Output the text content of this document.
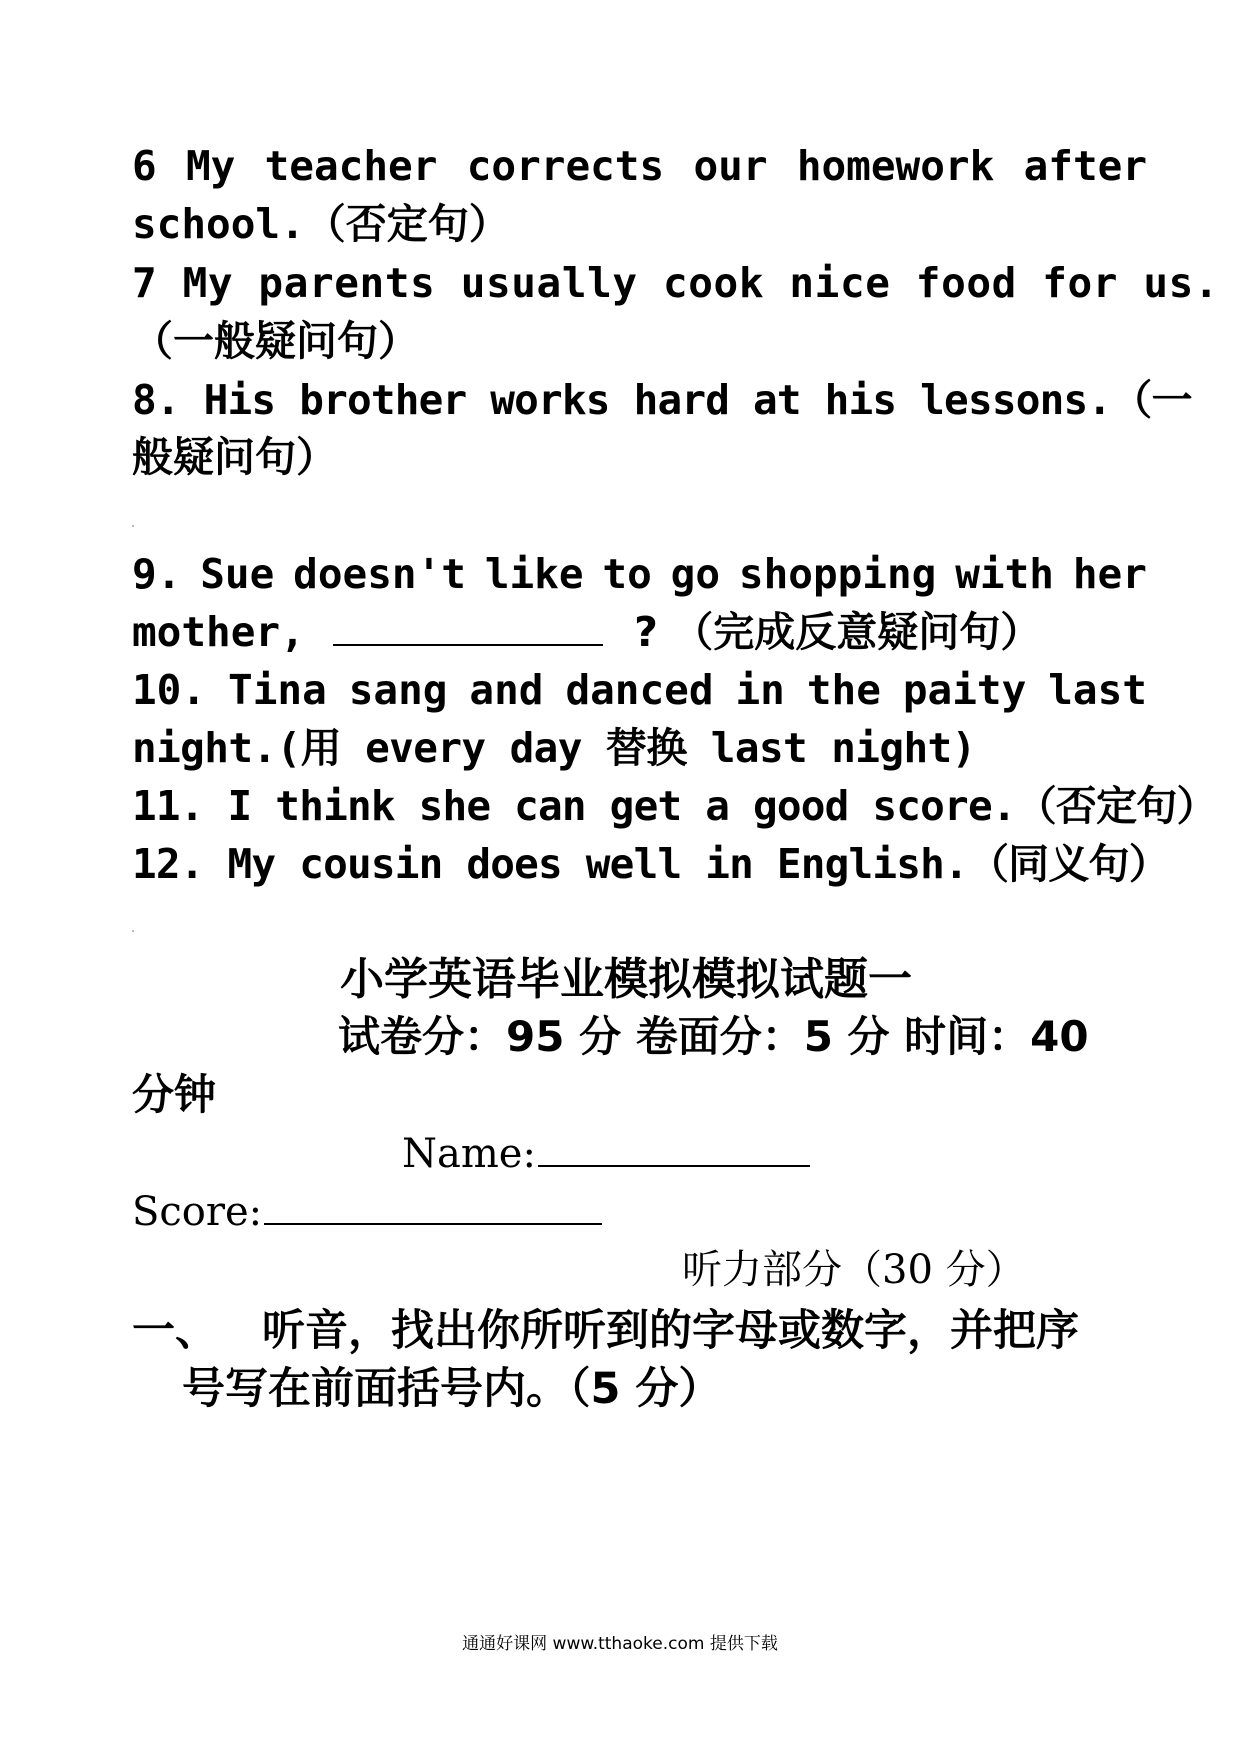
6 My teacher corrects our homework after
school.（否定句）
7 My parents usually cook nice food for us.
（一般疑问句）
8. His brother works hard at his lessons.（一
般疑问句）
9. Sue doesn't like to go shopping with her
mother,	? （完成反意疑问句）
10. Tina sang and danced in the paity last
night.(用 every day 替换 last night)
11. I think she can get a good score.（否定句）
12. My cousin does well in English.（同义句）
小学英语毕业模拟模拟试题一
试卷分：95 分 卷面分：5 分 时间：40
分钟
Name:
Score:
听力部分（30 分）
一、 听音，找出你所听到的字母或数字，并把序
号写在前面括号内。（5 分）
通通好课网 www.tthaoke.com 提供下载
